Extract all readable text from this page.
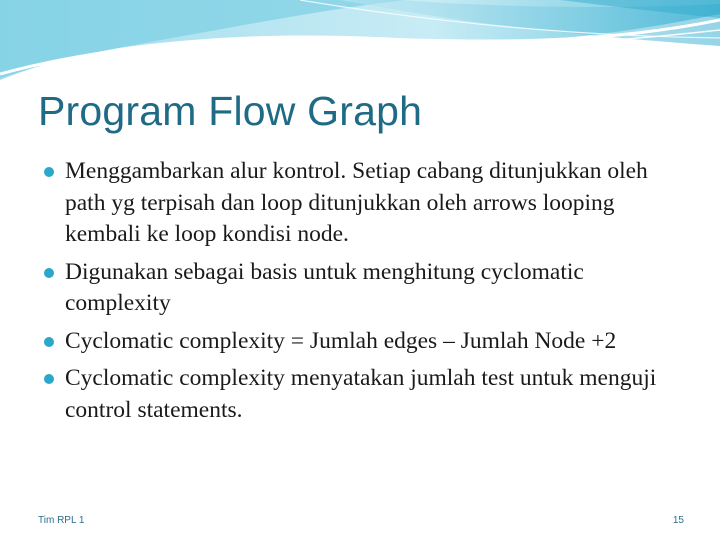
Program Flow Graph
Menggambarkan alur kontrol. Setiap cabang ditunjukkan oleh path yg terpisah dan loop ditunjukkan oleh arrows looping kembali ke loop kondisi node.
Digunakan sebagai basis untuk menghitung cyclomatic complexity
Cyclomatic complexity = Jumlah edges – Jumlah Node +2
Cyclomatic complexity menyatakan jumlah test untuk menguji control statements.
Tim RPL 1	15
